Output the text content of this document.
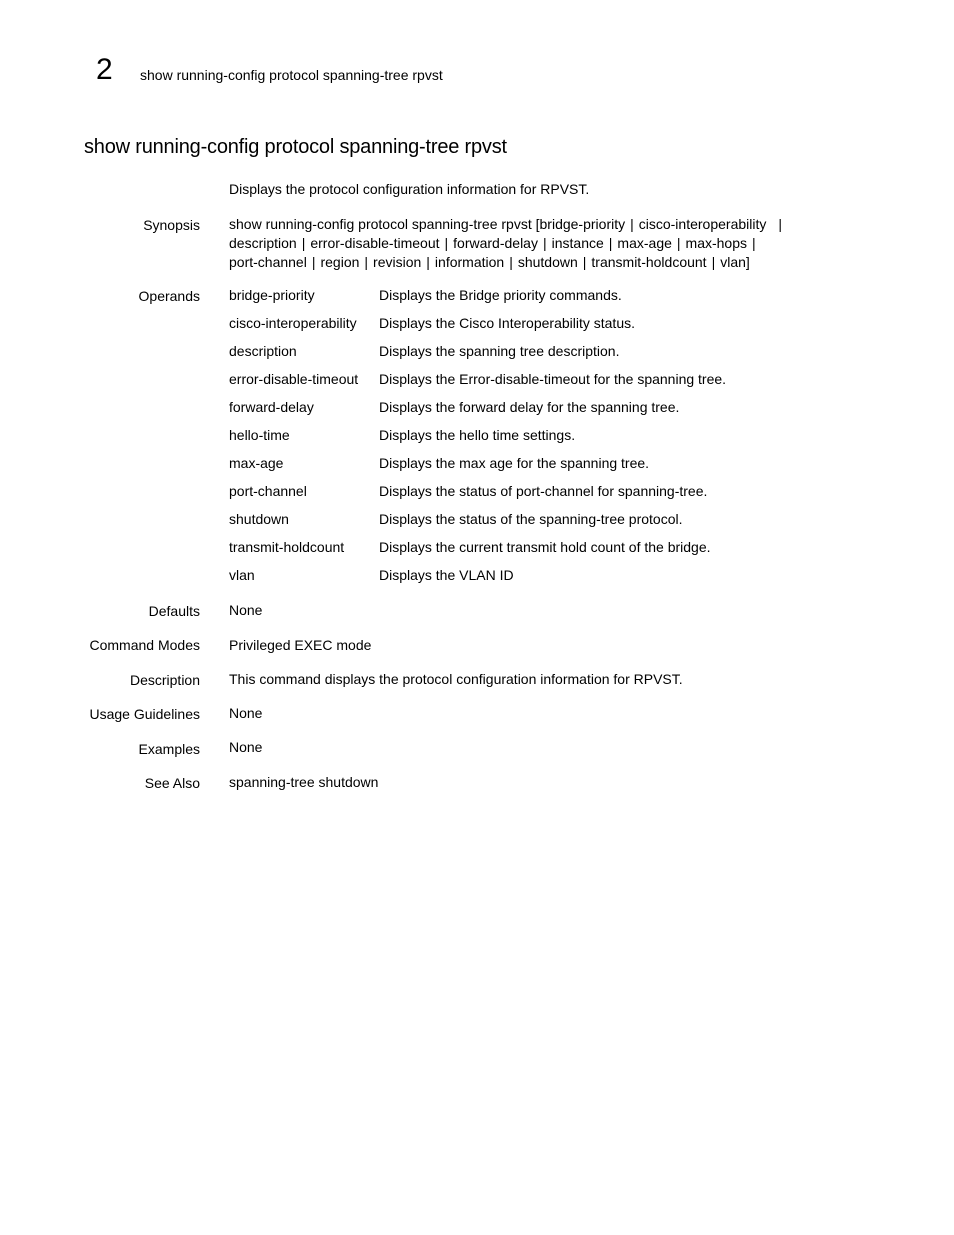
2 show running-config protocol spanning-tree rpvst
show running-config protocol spanning-tree rpvst
Displays the protocol configuration information for RPVST.
Synopsis show running-config protocol spanning-tree rpvst [bridge-priority | cisco-interoperability |
description | error-disable-timeout | forward-delay | instance | max-age | max-hops |
port-channel | region | revision | information | shutdown | transmit-holdcount | vlan]
Operands bridge-priority	Displays the Bridge priority commands.
cisco-interoperability Displays the Cisco Interoperability status.
description	Displays the spanning tree description.
error-disable-timeout Displays the Error-disable-timeout for the spanning tree.
forward-delay	Displays the forward delay for the spanning tree.
hello-time	Displays the hello time settings.
max-age	Displays the max age for the spanning tree.
port-channel	Displays the status of port-channel for spanning-tree.
shutdown	Displays the status of the spanning-tree protocol.
transmit-holdcount Displays the current transmit hold count of the bridge.
vlan	Displays the VLAN ID
Defaults None
Command Modes Privileged EXEC mode
Description This command displays the protocol configuration information for RPVST.
Usage Guidelines None
Examples None
See Also spanning-tree shutdown
